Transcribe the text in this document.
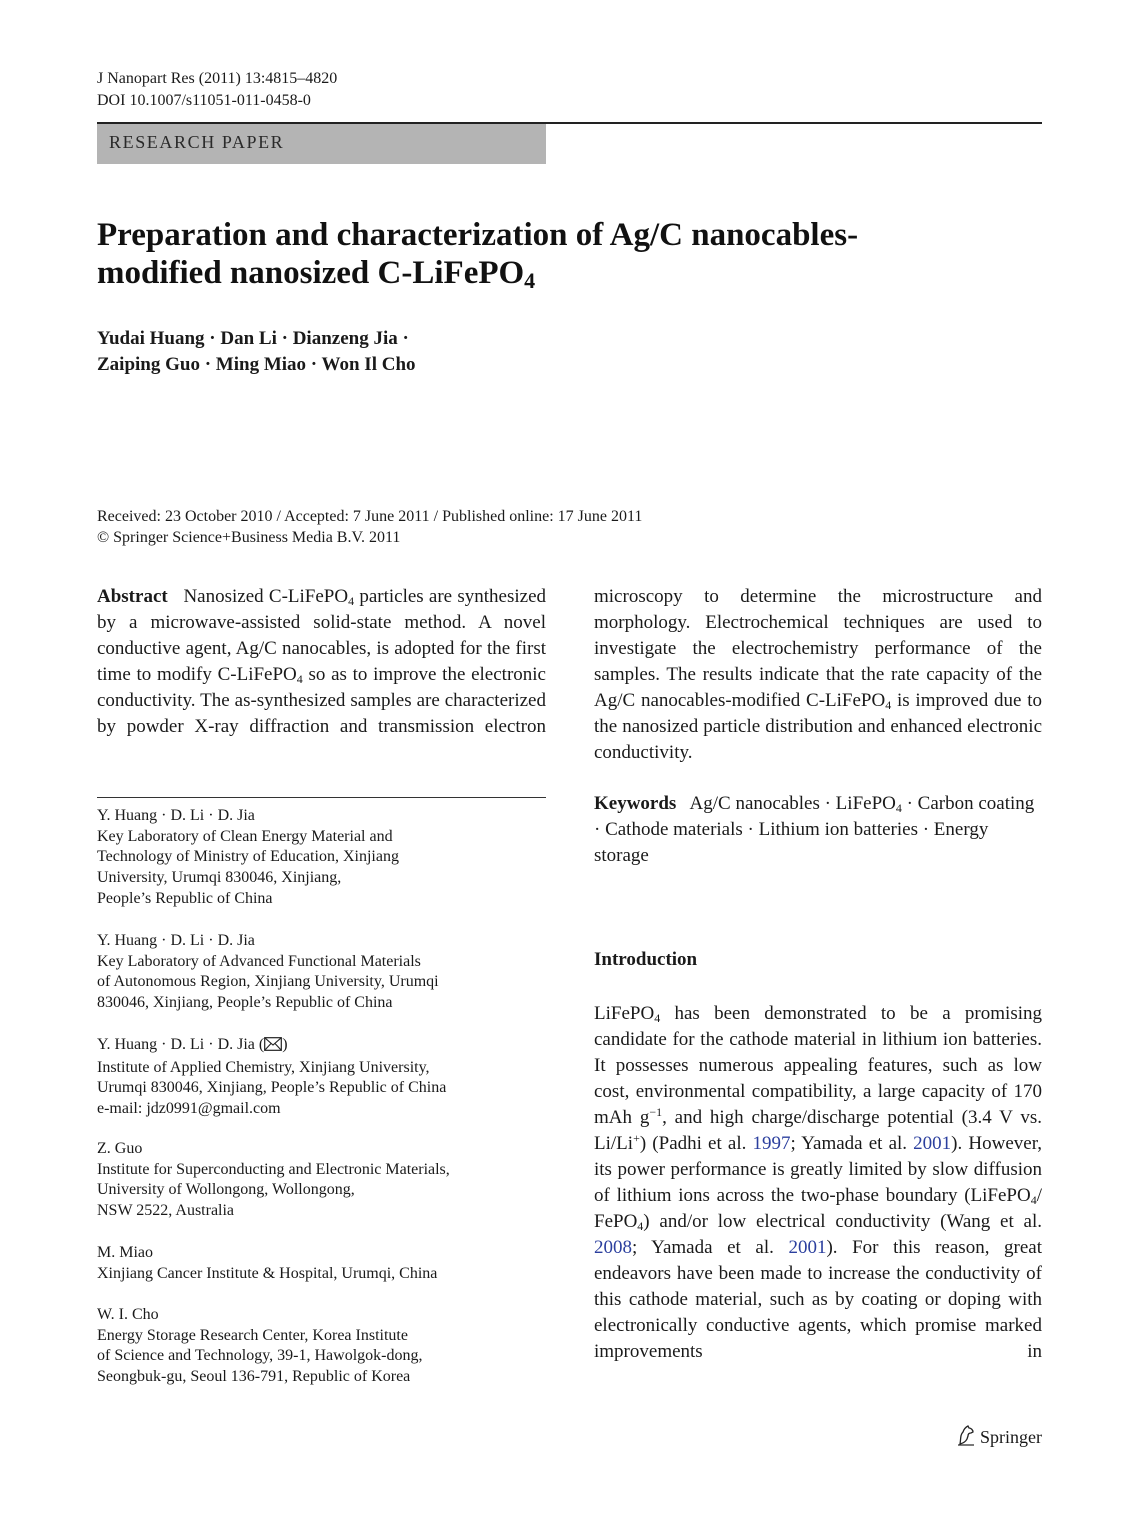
J Nanopart Res (2011) 13:4815–4820
DOI 10.1007/s11051-011-0458-0
RESEARCH PAPER
Preparation and characterization of Ag/C nanocables-
modified nanosized C-LiFePO$_4$
Yudai Huang · Dan Li · Dianzeng Jia ·
Zaiping Guo · Ming Miao · Won Il Cho
Received: 23 October 2010 / Accepted: 7 June 2011 / Published online: 17 June 2011
© Springer Science+Business Media B.V. 2011
Abstract Nanosized C-LiFePO$_4$ particles are synthesized by a microwave-assisted solid-state method. A novel conductive agent, Ag/C nanocables, is adopted for the first time to modify C-LiFePO$_4$ so as to improve the electronic conductivity. The as-synthesized samples are characterized by powder X-ray diffraction and transmission electron
microscopy to determine the microstructure and morphology. Electrochemical techniques are used to investigate the electrochemistry performance of the samples. The results indicate that the rate capacity of the Ag/C nanocables-modified C-LiFePO$_4$ is improved due to the nanosized particle distribution and enhanced electronic conductivity.
Keywords Ag/C nanocables · LiFePO$_4$ · Carbon coating · Cathode materials · Lithium ion batteries · Energy storage
Y. Huang · D. Li · D. Jia
Key Laboratory of Clean Energy Material and
Technology of Ministry of Education, Xinjiang
University, Urumqi 830046, Xinjiang,
People’s Republic of China
Y. Huang · D. Li · D. Jia
Key Laboratory of Advanced Functional Materials
of Autonomous Region, Xinjiang University, Urumqi
830046, Xinjiang, People’s Republic of China
Y. Huang · D. Li · D. Jia ( )
Institute of Applied Chemistry, Xinjiang University,
Urumqi 830046, Xinjiang, People’s Republic of China
e-mail: jdz0991@gmail.com
Z. Guo
Institute for Superconducting and Electronic Materials,
University of Wollongong, Wollongong,
NSW 2522, Australia
M. Miao
Xinjiang Cancer Institute & Hospital, Urumqi, China
W. I. Cho
Energy Storage Research Center, Korea Institute
of Science and Technology, 39-1, Hawolgok-dong,
Seongbuk-gu, Seoul 136-791, Republic of Korea
Introduction
LiFePO$_4$ has been demonstrated to be a promising candidate for the cathode material in lithium ion batteries. It possesses numerous appealing features, such as low cost, environmental compatibility, a large capacity of 170 mAh $g^{-1}$, and high charge/discharge potential (3.4 V vs. Li/Li+) (Padhi et al. 1997; Yamada et al. 2001). However, its power performance is greatly limited by slow diffusion of lithium ions across the two-phase boundary (LiFePO$_4$/ FePO$_4$) and/or low electrical conductivity (Wang et al. 2008; Yamada et al. 2001). For this reason, great endeavors have been made to increase the conductivity of this cathode material, such as by coating or doping with electronically conductive agents, which promise marked improvements in
Springer
